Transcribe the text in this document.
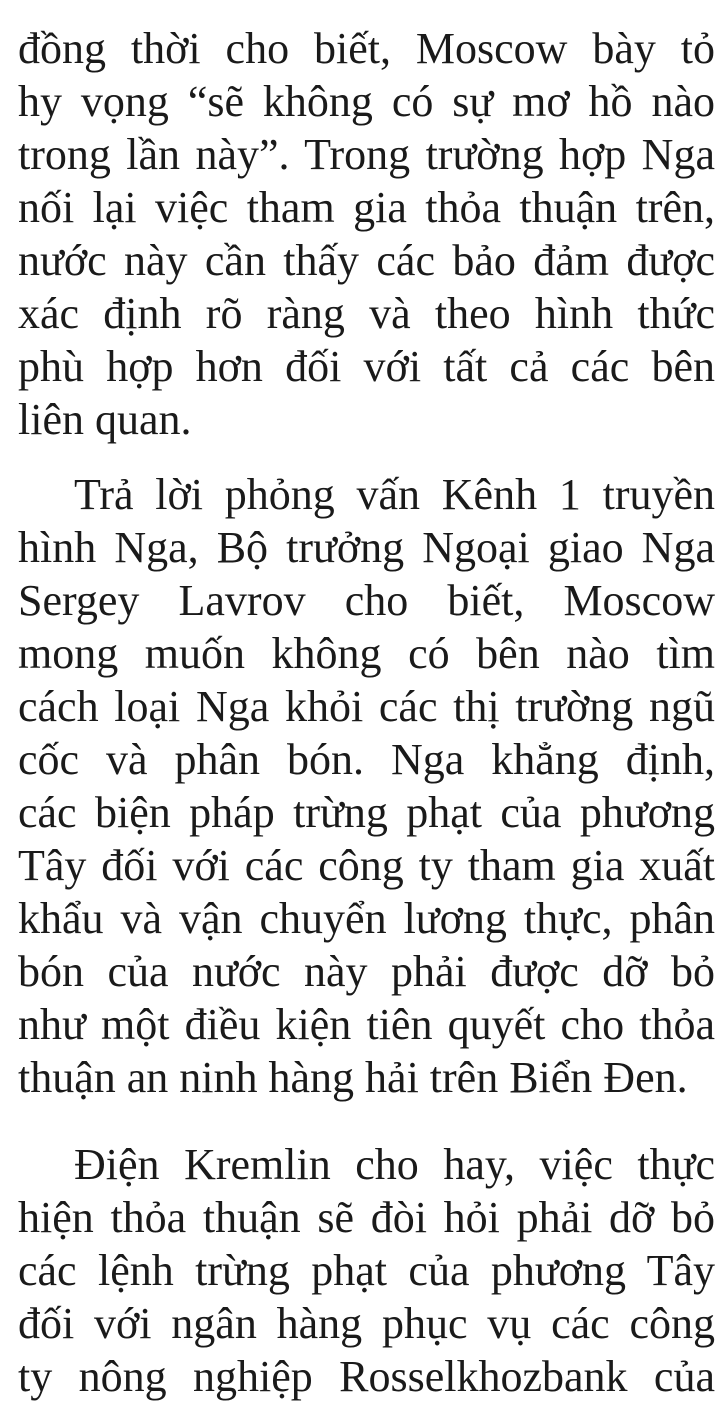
đồng thời cho biết, Moscow bày tỏ
hy vọng “sẽ không có sự mơ hồ nào
trong lần này”. Trong trường hợp Nga
nối lại việc tham gia thỏa thuận trên,
nước này cần thấy các bảo đảm được
xác định rõ ràng và theo hình thức
phù hợp hơn đối với tất cả các bên
liên quan.
Trả lời phỏng vấn Kênh 1 truyền
hình Nga, Bộ trưởng Ngoại giao Nga
Sergey Lavrov cho biết, Moscow
mong muốn không có bên nào tìm
cách loại Nga khỏi các thị trường ngũ
cốc và phân bón. Nga khẳng định,
các biện pháp trừng phạt của phương
Tây đối với các công ty tham gia xuất
khẩu và vận chuyển lương thực, phân
bón của nước này phải được dỡ bỏ
như một điều kiện tiên quyết cho thỏa
thuận an ninh hàng hải trên Biển Đen.
Điện Kremlin cho hay, việc thực
hiện thỏa thuận sẽ đòi hỏi phải dỡ bỏ
các lệnh trừng phạt của phương Tây
đối với ngân hàng phục vụ các công
ty nông nghiệp Rosselkhozbank của
